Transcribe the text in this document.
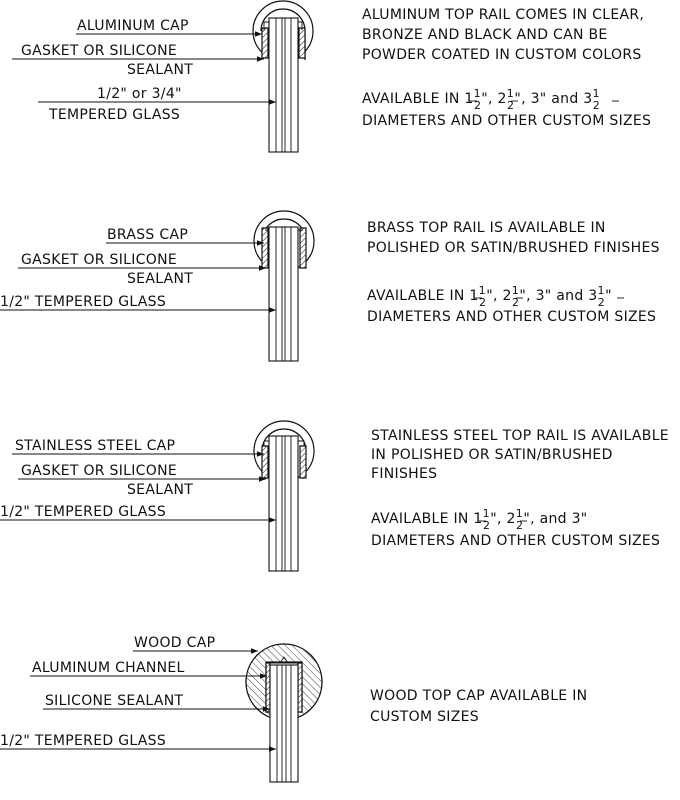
ALUMINUM CAP
GASKET OR SILICONE
SEALANT
1/2" or 3/4"
TEMPERED GLASS
ALUMINUM TOP RAIL COMES IN CLEAR,
BRONZE AND BLACK AND CAN BE
POWDER COATED IN CUSTOM COLORS
AVAILABLE IN $1^1$ 2", $2^1$ 2", 3" and $3^1$ 2
DIAMETERS AND OTHER CUSTOM SIZES
BRASS CAP
GASKET OR SILICONE
SEALANT
1/2" TEMPERED GLASS
BRASS TOP RAIL IS AVAILABLE IN
POLISHED OR SATIN/BRUSHED FINISHES
AVAILABLE IN $1^1$ 2", $2^1$ 2", 3" and $3^1$ 2"
DIAMETERS AND OTHER CUSTOM SIZES
STAINLESS STEEL CAP
GASKET OR SILICONE
SEALANT
1/2" TEMPERED GLASS
STAINLESS STEEL TOP RAIL IS AVAILABLE
IN POLISHED OR SATIN/BRUSHED
FINISHES
AVAILABLE IN $1^1$ 2", $2^1$ 2", and 3"
DIAMETERS AND OTHER CUSTOM SIZES
WOOD CAP
ALUMINUM CHANNEL
SILICONE SEALANT
1/2" TEMPERED GLASS
WOOD TOP CAP AVAILABLE IN
CUSTOM SIZES
